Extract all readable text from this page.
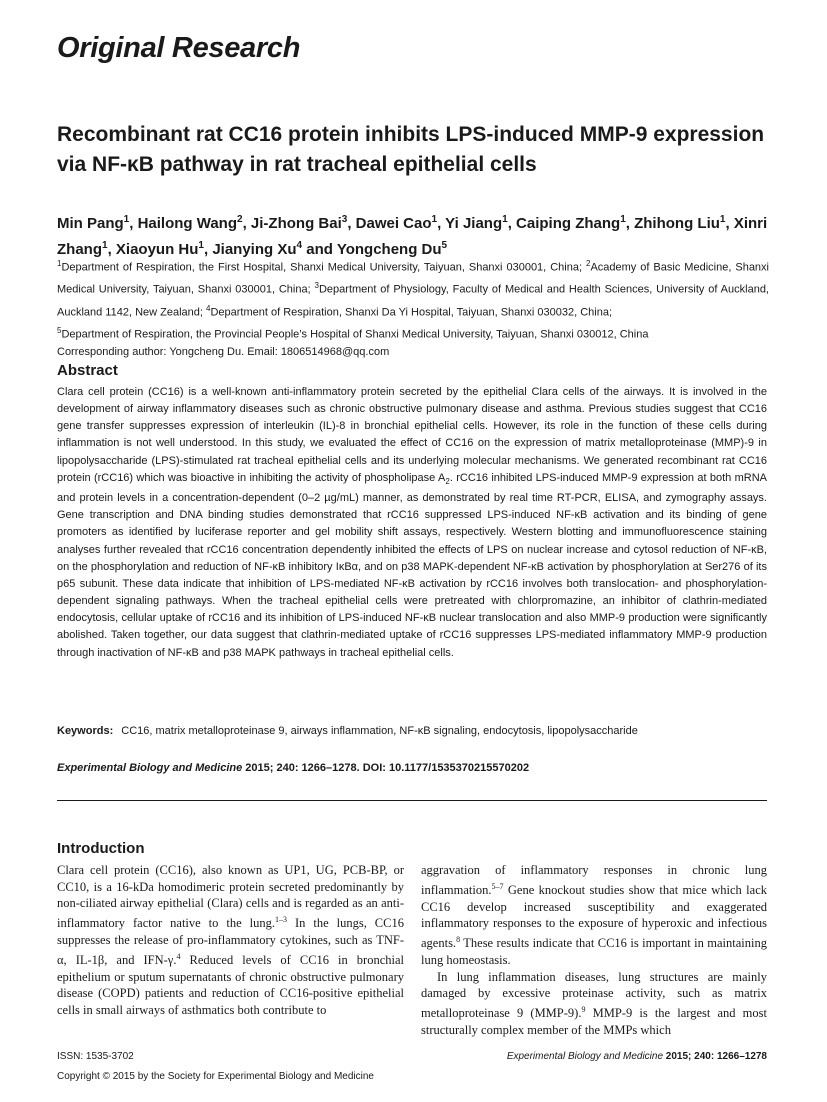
Original Research
Recombinant rat CC16 protein inhibits LPS-induced MMP-9 expression via NF-κB pathway in rat tracheal epithelial cells
Min Pang$^1$, Hailong Wang$^2$, Ji-Zhong Bai$^3$, Dawei Cao$^1$, Yi Jiang$^1$, Caiping Zhang$^1$, Zhihong Liu$^1$, Xinri Zhang$^1$, Xiaoyun Hu$^1$, Jianying Xu$^4$ and Yongcheng Du$^5$
$^1$Department of Respiration, the First Hospital, Shanxi Medical University, Taiyuan, Shanxi 030001, China; $^2$Academy of Basic Medicine, Shanxi Medical University, Taiyuan, Shanxi 030001, China; $^3$Department of Physiology, Faculty of Medical and Health Sciences, University of Auckland, Auckland 1142, New Zealand; $^4$Department of Respiration, Shanxi Da Yi Hospital, Taiyuan, Shanxi 030032, China;
$^5$Department of Respiration, the Provincial People’s Hospital of Shanxi Medical University, Taiyuan, Shanxi 030012, China
Corresponding author: Yongcheng Du. Email: 1806514968@qq.com
Abstract
Clara cell protein (CC16) is a well-known anti-inflammatory protein secreted by the epithelial Clara cells of the airways. It is involved in the development of airway inflammatory diseases such as chronic obstructive pulmonary disease and asthma. Previous studies suggest that CC16 gene transfer suppresses expression of interleukin (IL)-8 in bronchial epithelial cells. However, its role in the function of these cells during inflammation is not well understood. In this study, we evaluated the effect of CC16 on the expression of matrix metalloproteinase (MMP)-9 in lipopolysaccharide (LPS)-stimulated rat tracheal epithelial cells and its underlying molecular mechanisms. We generated recombinant rat CC16 protein (rCC16) which was bioactive in inhibiting the activity of phospholipase $A_2$. rCC16 inhibited LPS-induced MMP-9 expression at both mRNA and protein levels in a concentration-dependent (0–2 µg/mL) manner, as demonstrated by real time RT-PCR, ELISA, and zymography assays. Gene transcription and DNA binding studies demonstrated that rCC16 suppressed LPS-induced NF-κB activation and its binding of gene promoters as identified by luciferase reporter and gel mobility shift assays, respectively. Western blotting and immunofluorescence staining analyses further revealed that rCC16 concentration dependently inhibited the effects of LPS on nuclear increase and cytosol reduction of NF-κB, on the phosphorylation and reduction of NF-κB inhibitory IκBα, and on p38 MAPK-dependent NF-κB activation by phosphorylation at Ser276 of its p65 subunit. These data indicate that inhibition of LPS-mediated NF-κB activation by rCC16 involves both translocation- and phosphorylation-dependent signaling pathways. When the tracheal epithelial cells were pretreated with chlorpromazine, an inhibitor of clathrin-mediated endocytosis, cellular uptake of rCC16 and its inhibition of LPS-induced NF-κB nuclear translocation and also MMP-9 production were significantly abolished. Taken together, our data suggest that clathrin-mediated uptake of rCC16 suppresses LPS-mediated inflammatory MMP-9 production through inactivation of NF-κB and p38 MAPK pathways in tracheal epithelial cells.
Keywords: CC16, matrix metalloproteinase 9, airways inflammation, NF-κB signaling, endocytosis, lipopolysaccharide
Experimental Biology and Medicine 2015; 240: 1266–1278. DOI: 10.1177/1535370215570202
Introduction
Clara cell protein (CC16), also known as UP1, UG, PCB-BP, or CC10, is a 16-kDa homodimeric protein secreted predominantly by non-ciliated airway epithelial (Clara) cells and is regarded as an anti-inflammatory factor native to the lung.$^{1-3}$ In the lungs, CC16 suppresses the release of pro-inflammatory cytokines, such as TNF-α, IL-1β, and IFN-γ.$^4$ Reduced levels of CC16 in bronchial epithelium or sputum supernatants of chronic obstructive pulmonary disease (COPD) patients and reduction of CC16-positive epithelial cells in small airways of asthmatics both contribute to

aggravation of inflammatory responses in chronic lung inflammation.$^{5-7}$ Gene knockout studies show that mice which lack CC16 develop increased susceptibility and exaggerated inflammatory responses to the exposure of hyperoxic and infectious agents.$^8$ These results indicate that CC16 is important in maintaining lung homeostasis.

In lung inflammation diseases, lung structures are mainly damaged by excessive proteinase activity, such as matrix metalloproteinase 9 (MMP-9).$^9$ MMP-9 is the largest and most structurally complex member of the MMPs which

ISSN: 1535-3702	Experimental Biology and Medicine 2015; 240: 1266–1278
Copyright © 2015 by the Society for Experimental Biology and Medicine
